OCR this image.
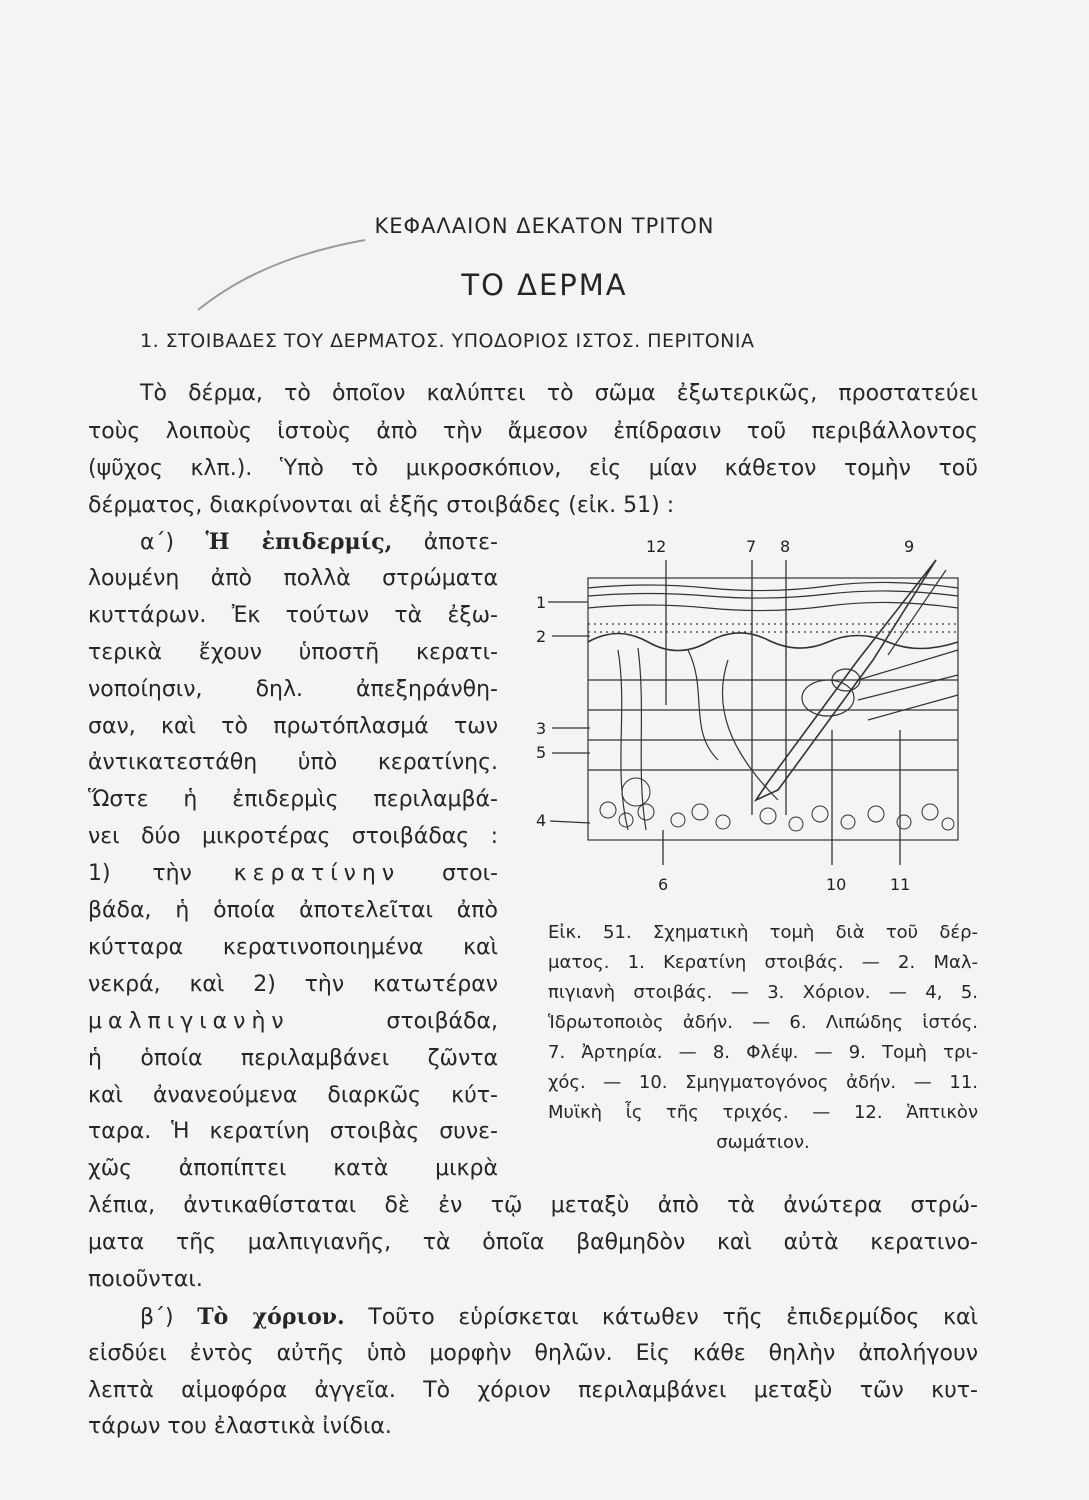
ΚΕΦΑΛΑΙΟΝ ΔΕΚΑΤΟΝ ΤΡΙΤΟΝ
ΤΟ ΔΕΡΜΑ
1. ΣΤΟΙΒΑΔΕΣ ΤΟΥ ΔΕΡΜΑΤΟΣ. ΥΠΟΔΟΡΙΟΣ ΙΣΤΟΣ. ΠΕΡΙΤΟΝΙΑ
Τὸ δέρμα, τὸ ὁποῖον καλύπτει τὸ σῶμα ἐξωτερικῶς, προστατεύει
τοὺς λοιποὺς ἱστοὺς ἀπὸ τὴν ἄμεσον ἐπίδρασιν τοῦ περιβάλλοντος
(ψῦχος κλπ.). Ὑπὸ τὸ μικροσκόπιον, εἰς μίαν κάθετον τομὴν τοῦ
δέρματος, διακρίνονται αἱ ἑξῆς στοιβάδες (εἰκ. 51) :
α΄) Ἡ ἐπιδερμίς, ἀποτε-
λουμένη ἀπὸ πολλὰ στρώματα
κυττάρων. Ἐκ τούτων τὰ ἐξω-
τερικὰ ἔχουν ὑποστῆ κερατι-
νοποίησιν, δηλ. ἀπεξηράνθη-
σαν, καὶ τὸ πρωτόπλασμά των
ἀντικατεστάθη ὑπὸ κερατίνης.
Ὥστε ἡ ἐπιδερμὶς περιλαμβά-
νει δύο μικροτέρας στοιβάδας :
1) τὴν κερατίνην στοι-
βάδα, ἡ ὁποία ἀποτελεῖται ἀπὸ
κύτταρα κερατινοποιημένα καὶ
νεκρά, καὶ 2) τὴν κατωτέραν
μαλπιγιανὴν	στοιβάδα,
ἡ ὁποία περιλαμβάνει ζῶντα
καὶ ἀνανεούμενα διαρκῶς κύτ-
ταρα. Ἡ κερατίνη στοιβὰς συνε-
χῶς ἀποπίπτει κατὰ μικρὰ
λέπια, ἀντικαθίσταται δὲ ἐν τῷ μεταξὺ ἀπὸ τὰ ἀνώτερα στρώ-
ματα τῆς μαλπιγιανῆς, τὰ ὁποῖα βαθμηδὸν καὶ αὐτὰ κερατινο-
ποιοῦνται.
β΄) Τὸ χόριον. Τοῦτο εὑρίσκεται κάτωθεν τῆς ἐπιδερμίδος καὶ
εἰσδύει ἐντὸς αὐτῆς ὑπὸ μορφὴν θηλῶν. Εἰς κάθε θηλὴν ἀπολήγουν
λεπτὰ αἱμοφόρα ἀγγεῖα. Τὸ χόριον περιλαμβάνει μεταξὺ τῶν κυτ-
τάρων του ἐλαστικὰ ἰνίδια.
12	7 8	9
1
2
3
5
4
6	10	11
Εἰκ. 51. Σχηματικὴ τομὴ διὰ τοῦ δέρ-
ματος. 1. Κερατίνη στοιβάς. — 2. Μαλ-
πιγιανὴ στοιβάς. — 3. Χόριον. — 4, 5.
Ἱδρωτοποιὸς ἀδήν. — 6. Λιπώδης ἱστός.
7. Ἀρτηρία. — 8. Φλέψ. — 9. Τομὴ τρι-
χός. — 10. Σμηγματογόνος ἀδήν. — 11.
Μυϊκὴ ἶς τῆς τριχός. — 12. Ἁπτικὸν
σωμάτιον.
